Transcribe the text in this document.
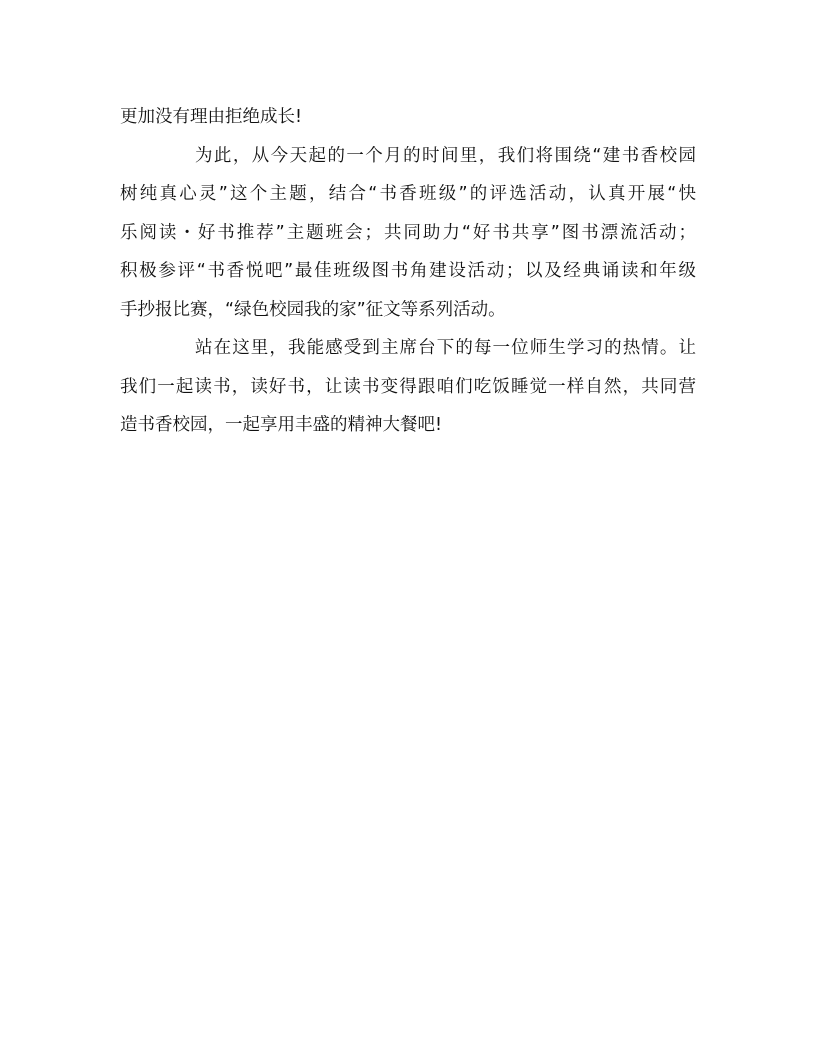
更加没有理由拒绝成长!
为此，从今天起的一个月的时间里，我们将围绕“建书香校园
树纯真心灵”这个主题，结合“书香班级”的评选活动，认真开展“快
乐阅读・好书推荐”主题班会；共同助力“好书共享”图书漂流活动；
积极参评“书香悦吧”最佳班级图书角建设活动；以及经典诵读和年级
手抄报比赛，“绿色校园我的家”征文等系列活动。
站在这里，我能感受到主席台下的每一位师生学习的热情。让
我们一起读书，读好书，让读书变得跟咱们吃饭睡觉一样自然，共同营
造书香校园，一起享用丰盛的精神大餐吧!
